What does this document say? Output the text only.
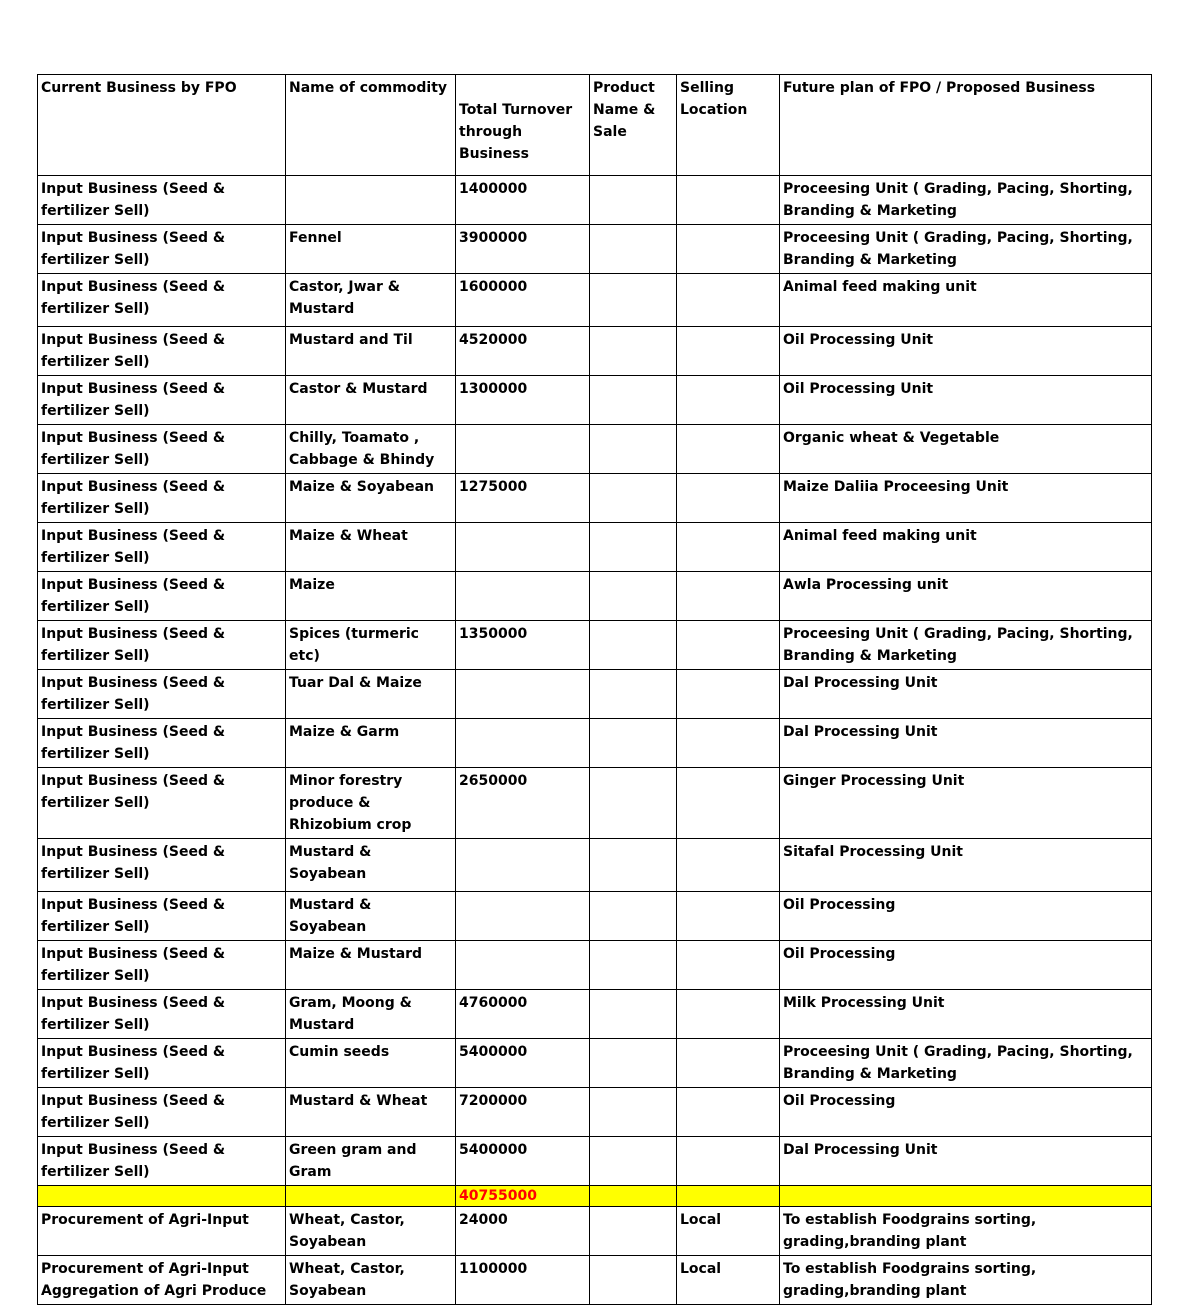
Current Business by FPO	Name of commodity	Total Turnover through Business	Product Name & Sale	Selling Location	Future plan of FPO / Proposed Business
Input Business (Seed & fertilizer Sell)		1400000			Proceesing Unit ( Grading, Pacing, Shorting, Branding & Marketing
Input Business (Seed & fertilizer Sell)	Fennel	3900000			Proceesing Unit ( Grading, Pacing, Shorting, Branding & Marketing
Input Business (Seed & fertilizer Sell)	Castor, Jwar & Mustard	1600000			Animal feed making unit
Input Business (Seed & fertilizer Sell)	Mustard and Til	4520000			Oil Processing Unit
Input Business (Seed & fertilizer Sell)	Castor & Mustard	1300000			Oil Processing Unit
Input Business (Seed & fertilizer Sell)	Chilly, Toamato , Cabbage & Bhindy				Organic wheat & Vegetable
Input Business (Seed & fertilizer Sell)	Maize & Soyabean	1275000			Maize Daliia Proceesing Unit
Input Business (Seed & fertilizer Sell)	Maize & Wheat				Animal feed making unit
Input Business (Seed & fertilizer Sell)	Maize				Awla Processing unit
Input Business (Seed & fertilizer Sell)	Spices (turmeric etc)	1350000			Proceesing Unit ( Grading, Pacing, Shorting, Branding & Marketing
Input Business (Seed & fertilizer Sell)	Tuar Dal & Maize				Dal Processing Unit
Input Business (Seed & fertilizer Sell)	Maize & Garm				Dal Processing Unit
Input Business (Seed & fertilizer Sell)	Minor forestry produce & Rhizobium crop	2650000			Ginger Processing Unit
Input Business (Seed & fertilizer Sell)	Mustard & Soyabean				Sitafal Processing Unit
Input Business (Seed & fertilizer Sell)	Mustard & Soyabean				Oil Processing
Input Business (Seed & fertilizer Sell)	Maize & Mustard				Oil Processing
Input Business (Seed & fertilizer Sell)	Gram, Moong & Mustard	4760000			Milk Processing Unit
Input Business (Seed & fertilizer Sell)	Cumin seeds	5400000			Proceesing Unit ( Grading, Pacing, Shorting, Branding & Marketing
Input Business (Seed & fertilizer Sell)	Mustard & Wheat	7200000			Oil Processing
Input Business (Seed & fertilizer Sell)	Green gram and Gram	5400000			Dal Processing Unit
		40755000			
Procurement of Agri-Input	Wheat, Castor, Soyabean	24000		Local	To establish Foodgrains sorting, grading,branding plant
Procurement of Agri-Input Aggregation of Agri Produce	Wheat, Castor, Soyabean	1100000		Local	To establish Foodgrains sorting, grading,branding plant
